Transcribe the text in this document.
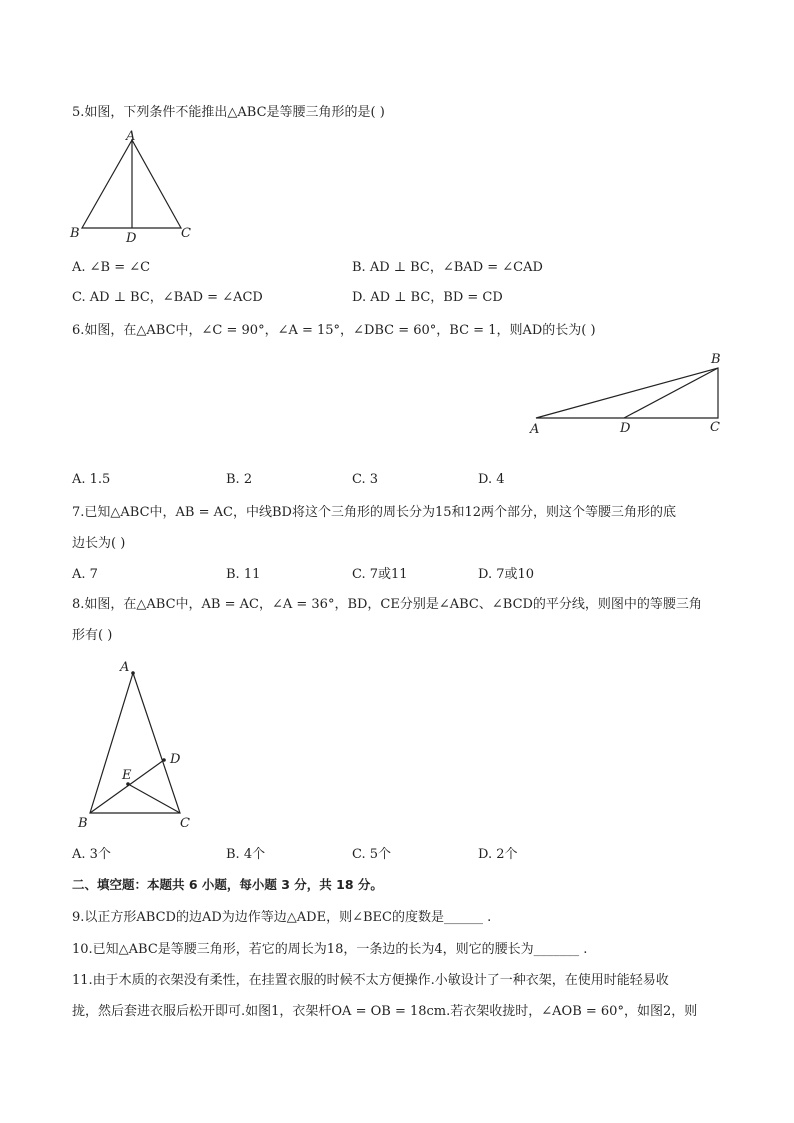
5.如图，下列条件不能推出△ABC是等腰三角形的是( )
A
B	C
D
A. ∠B = ∠C	B. AD ⊥ BC，∠BAD = ∠CAD
C. AD ⊥ BC，∠BAD = ∠ACD	D. AD ⊥ BC，BD = CD
6.如图，在△ABC中，∠C = 90°，∠A = 15°，∠DBC = 60°，BC = 1，则AD的长为( )
A
B
C
D
A. 1.5	B. 2	C. 3	D. 4
7.已知△ABC中，AB = AC，中线BD将这个三角形的周长分为15和12两个部分，则这个等腰三角形的底
边长为( )
A. 7	B. 11	C. 7或11	D. 7或10
8.如图，在△ABC中，AB = AC，∠A = 36°，BD，CE分别是∠ABC、∠BCD的平分线，则图中的等腰三角
形有( )
A
B	C
D
E
A. 3个	B. 4个	C. 5个	D. 2个
二、填空题：本题共 6 小题，每小题 3 分，共 18 分。
9.以正方形ABCD的边AD为边作等边△ADE，则∠BEC的度数是______ .
10.已知△ABC是等腰三角形，若它的周长为18，一条边的长为4，则它的腰长为_______ .
11.由于木质的衣架没有柔性，在挂置衣服的时候不太方便操作.小敏设计了一种衣架，在使用时能轻易收
拢，然后套进衣服后松开即可.如图1，衣架杆OA = OB = 18cm.若衣架收拢时，∠AOB = 60°，如图2，则
